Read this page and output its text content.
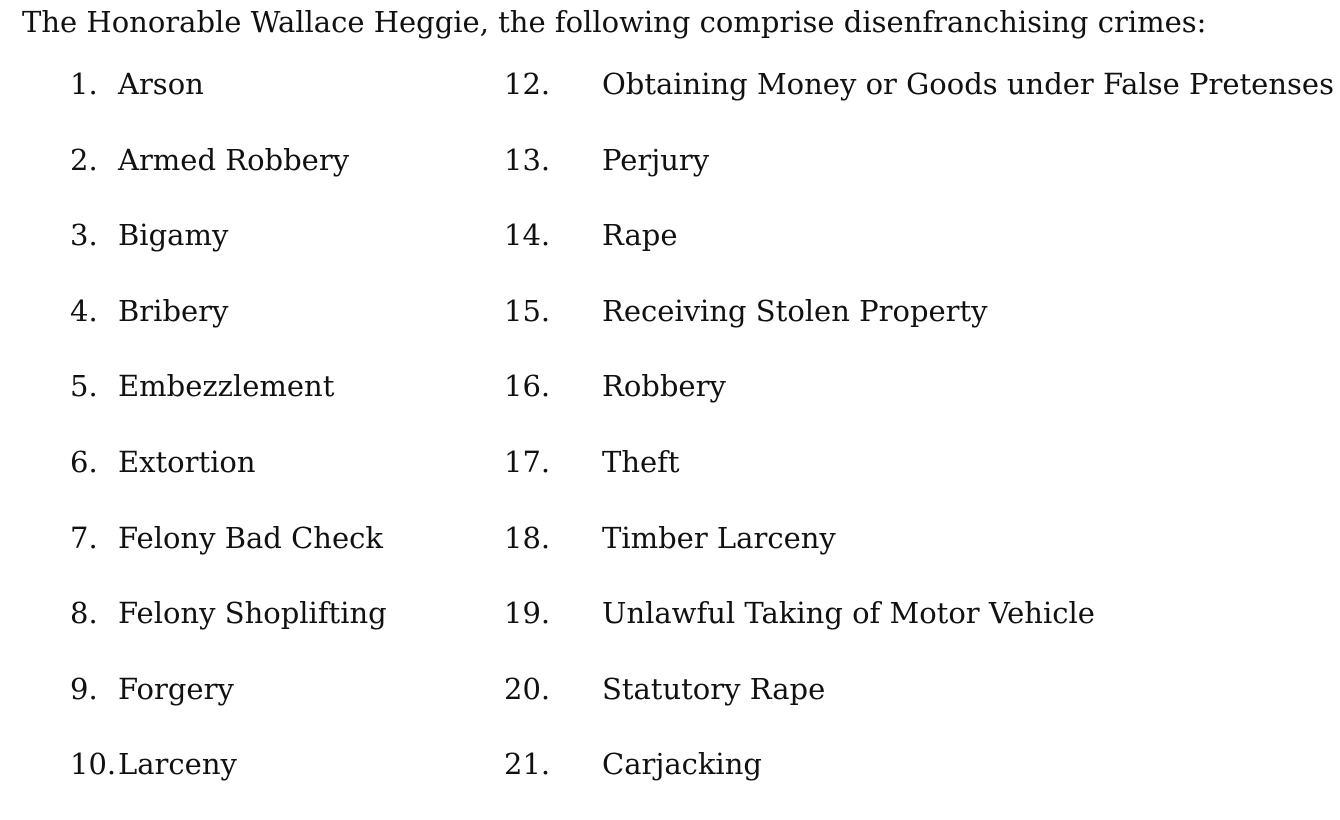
The Honorable Wallace Heggie, the following comprise disenfranchising crimes:
1. Arson
2. Armed Robbery
3. Bigamy
4. Bribery
5. Embezzlement
6. Extortion
7. Felony Bad Check
8. Felony Shoplifting
9. Forgery
10. Larceny
12. Obtaining Money or Goods under False Pretenses
13. Perjury
14. Rape
15. Receiving Stolen Property
16. Robbery
17. Theft
18. Timber Larceny
19. Unlawful Taking of Motor Vehicle
20. Statutory Rape
21. Carjacking
